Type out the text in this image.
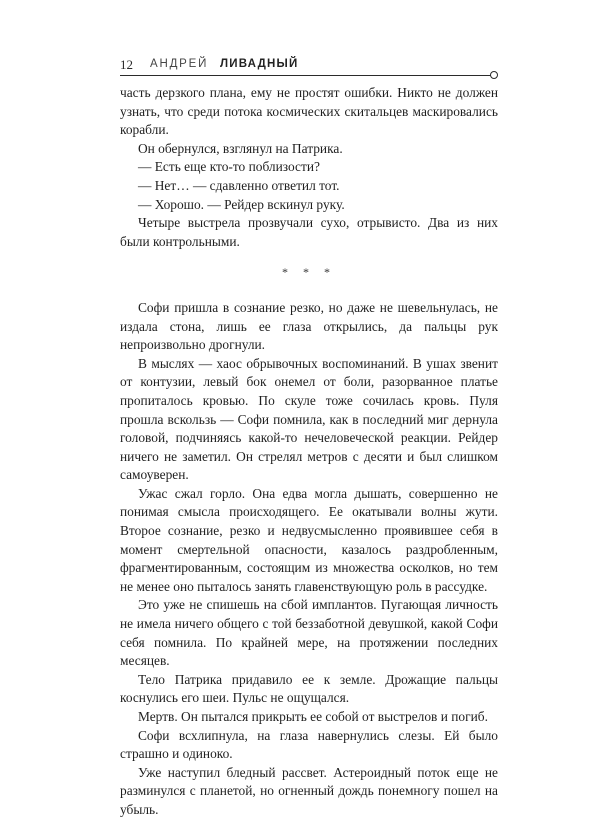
12 АНДРЕЙ ЛИВАДНЫЙ

часть дерзкого плана, ему не простят ошибки. Никто не должен узнать, что среди потока космических скитальцев маскировались корабли.

Он обернулся, взглянул на Патрика.

— Есть еще кто-то поблизости?

— Нет… — сдавленно ответил тот.

— Хорошо. — Рейдер вскинул руку.

Четыре выстрела прозвучали сухо, отрывисто. Два из них были контрольными.

* * *

Софи пришла в сознание резко, но даже не шевельнулась, не издала стона, лишь ее глаза открылись, да пальцы рук непроизвольно дрогнули.

В мыслях — хаос обрывочных воспоминаний. В ушах звенит от контузии, левый бок онемел от боли, разорванное платье пропиталось кровью. По скуле тоже сочилась кровь. Пуля прошла вскользь — Софи помнила, как в последний миг дернула головой, подчиняясь какой-то нечеловеческой реакции. Рейдер ничего не заметил. Он стрелял метров с десяти и был слишком самоуверен.

Ужас сжал горло. Она едва могла дышать, совершенно не понимая смысла происходящего. Ее окатывали волны жути. Второе сознание, резко и недвусмысленно проявившее себя в момент смертельной опасности, казалось раздробленным, фрагментированным, состоящим из множества осколков, но тем не менее оно пыталось занять главенствующую роль в рассудке.

Это уже не спишешь на сбой имплантов. Пугающая личность не имела ничего общего с той беззаботной девушкой, какой Софи себя помнила. По крайней мере, на протяжении последних месяцев.

Тело Патрика придавило ее к земле. Дрожащие пальцы коснулись его шеи. Пульс не ощущался.

Мертв. Он пытался прикрыть ее собой от выстрелов и погиб.

Софи всхлипнула, на глаза навернулись слезы. Ей было страшно и одиноко.

Уже наступил бледный рассвет. Астероидный поток еще не разминулся с планетой, но огненный дождь понемногу пошел на убыль.
